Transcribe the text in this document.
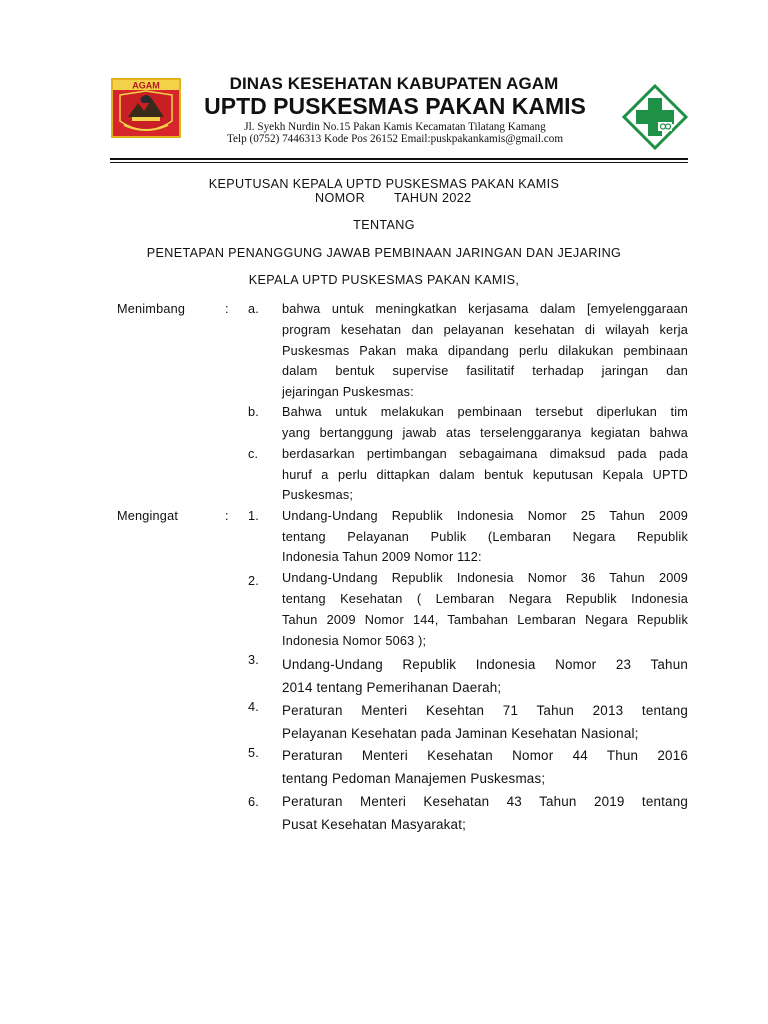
AGAM	DINAS KESEHATAN KABUPATEN AGAM
UPTD PUSKESMAS PAKAN KAMIS
Jl. Syekh Nurdin No.15 Pakan Kamis Kecamatan Tilatang Kamang
Telp (0752) 7446313 Kode Pos 26152 Email:puskpakankamis@gmail.com
KEPUTUSAN KEPALA UPTD PUSKESMAS PAKAN KAMIS
NOMOR TAHUN 2022
TENTANG
PENETAPAN PENANGGUNG JAWAB PEMBINAAN JARINGAN DAN JEJARING
KEPALA UPTD PUSKESMAS PAKAN KAMIS,
Menimbang	: a. bahwa untuk meningkatkan kerjasama dalam [emyelenggaraan
program kesehatan dan pelayanan kesehatan di wilayah kerja
Puskesmas Pakan maka dipandang perlu dilakukan pembinaan
dalam bentuk supervise fasilitatif terhadap jaringan dan
jejaringan Puskesmas:
b. Bahwa untuk melakukan pembinaan tersebut diperlukan tim
yang bertanggung jawab atas terselenggaranya kegiatan bahwa
c. berdasarkan pertimbangan sebagaimana dimaksud pada pada
huruf a perlu dittapkan dalam bentuk keputusan Kepala UPTD
Puskesmas;
Mengingat	: 1. Undang-Undang Republik Indonesia Nomor 25 Tahun 2009
tentang Pelayanan Publik (Lembaran Negara Republik
Indonesia Tahun 2009 Nomor 112:
2. Undang-Undang Republik Indonesia Nomor 36 Tahun 2009
tentang Kesehatan ( Lembaran Negara Republik Indonesia
Tahun 2009 Nomor 144, Tambahan Lembaran Negara Republik
Indonesia Nomor 5063 );
3. Undang-Undang Republik Indonesia Nomor 23 Tahun
2014 tentang Pemerihanan Daerah;
4. Peraturan Menteri Kesehtan 71 Tahun 2013 tentang
Pelayanan Kesehatan pada Jaminan Kesehatan Nasional;
5. Peraturan Menteri Kesehatan Nomor 44 Thun 2016
tentang Pedoman Manajemen Puskesmas;
6. Peraturan Menteri Kesehatan 43 Tahun 2019 tentang
Pusat Kesehatan Masyarakat;
